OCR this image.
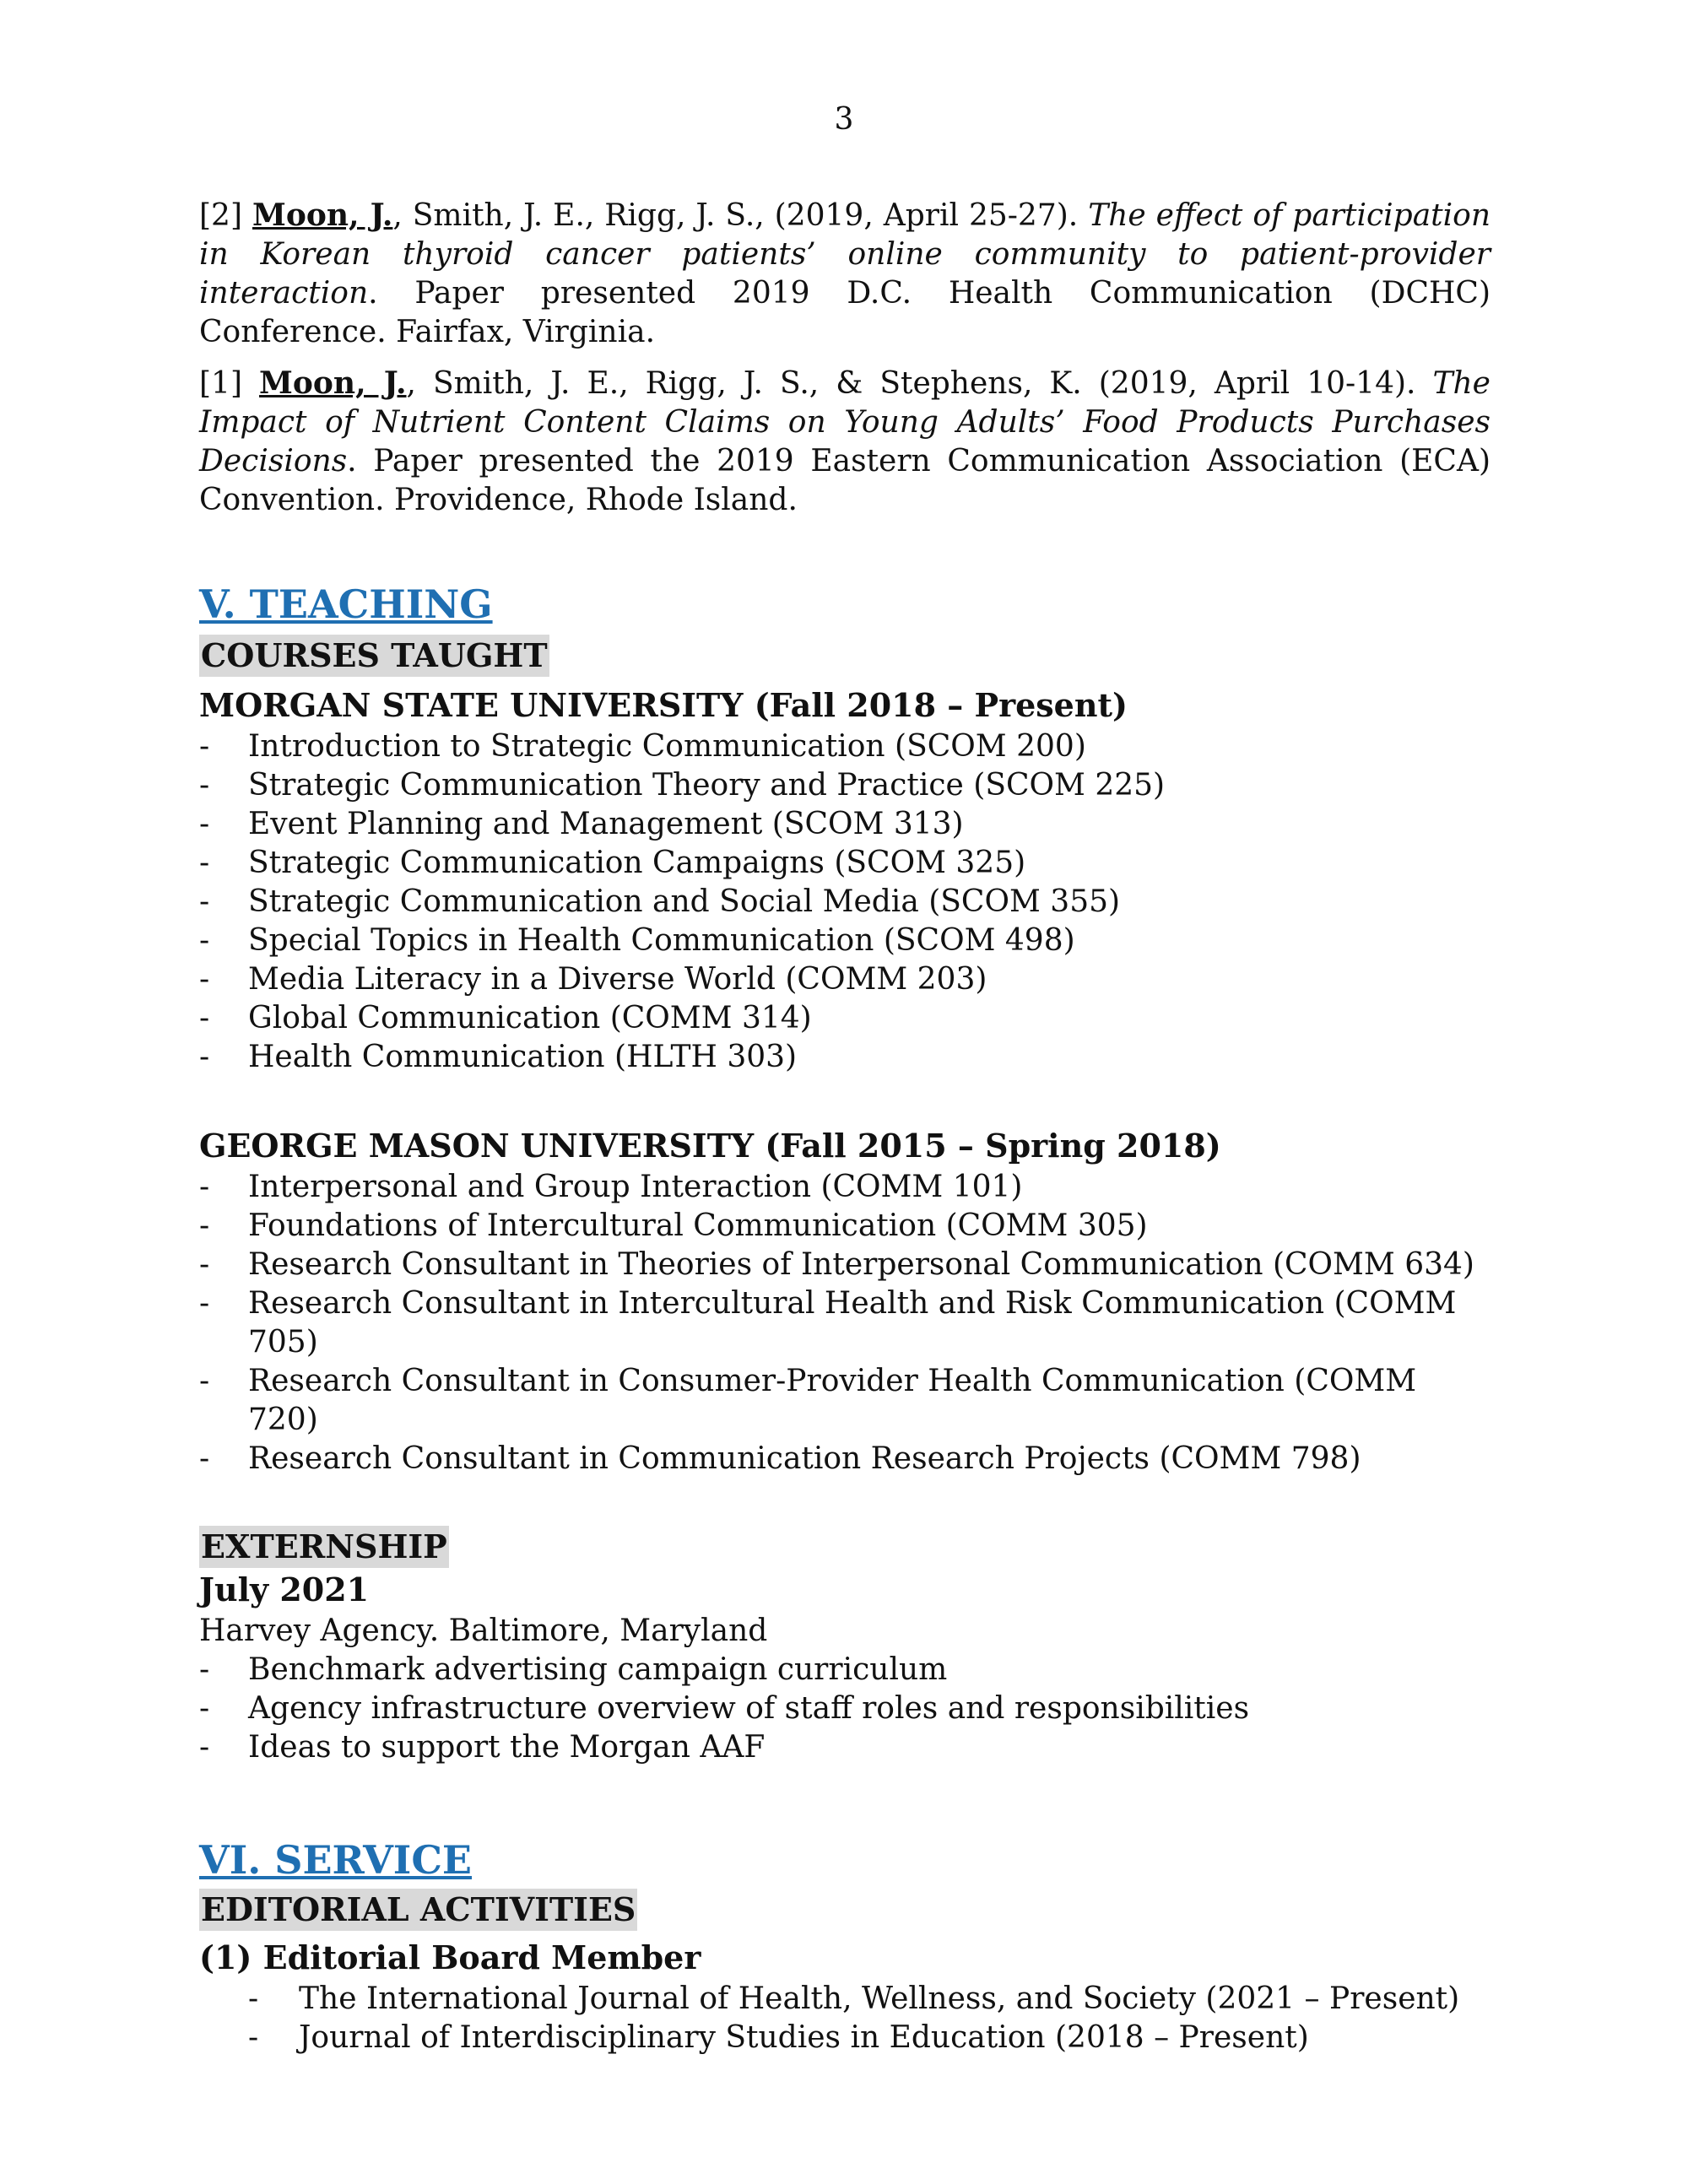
3

[2] Moon, J., Smith, J. E., Rigg, J. S., (2019, April 25-27). The effect of participation in Korean thyroid cancer patients’ online community to patient-provider interaction. Paper presented 2019 D.C. Health Communication (DCHC) Conference. Fairfax, Virginia.

[1] Moon, J., Smith, J. E., Rigg, J. S., & Stephens, K. (2019, April 10-14). The Impact of Nutrient Content Claims on Young Adults’ Food Products Purchases Decisions. Paper presented the 2019 Eastern Communication Association (ECA) Convention. Providence, Rhode Island.

V. TEACHING
COURSES TAUGHT

MORGAN STATE UNIVERSITY (Fall 2018 – Present)

- Introduction to Strategic Communication (SCOM 200)
- Strategic Communication Theory and Practice (SCOM 225)
- Event Planning and Management (SCOM 313)
- Strategic Communication Campaigns (SCOM 325)
- Strategic Communication and Social Media (SCOM 355)
- Special Topics in Health Communication (SCOM 498)
- Media Literacy in a Diverse World (COMM 203)
- Global Communication (COMM 314)
- Health Communication (HLTH 303)

GEORGE MASON UNIVERSITY (Fall 2015 – Spring 2018)

- Interpersonal and Group Interaction (COMM 101)
- Foundations of Intercultural Communication (COMM 305)
- Research Consultant in Theories of Interpersonal Communication (COMM 634)
- Research Consultant in Intercultural Health and Risk Communication (COMM 705)
- Research Consultant in Consumer-Provider Health Communication (COMM 720)
- Research Consultant in Communication Research Projects (COMM 798)
EXTERNSHIP

July 2021

Harvey Agency. Baltimore, Maryland

- Benchmark advertising campaign curriculum
- Agency infrastructure overview of staff roles and responsibilities
- Ideas to support the Morgan AAF
VI. SERVICE
EDITORIAL ACTIVITIES

(1) Editorial Board Member

- The International Journal of Health, Wellness, and Society (2021 – Present)
- Journal of Interdisciplinary Studies in Education (2018 – Present)
